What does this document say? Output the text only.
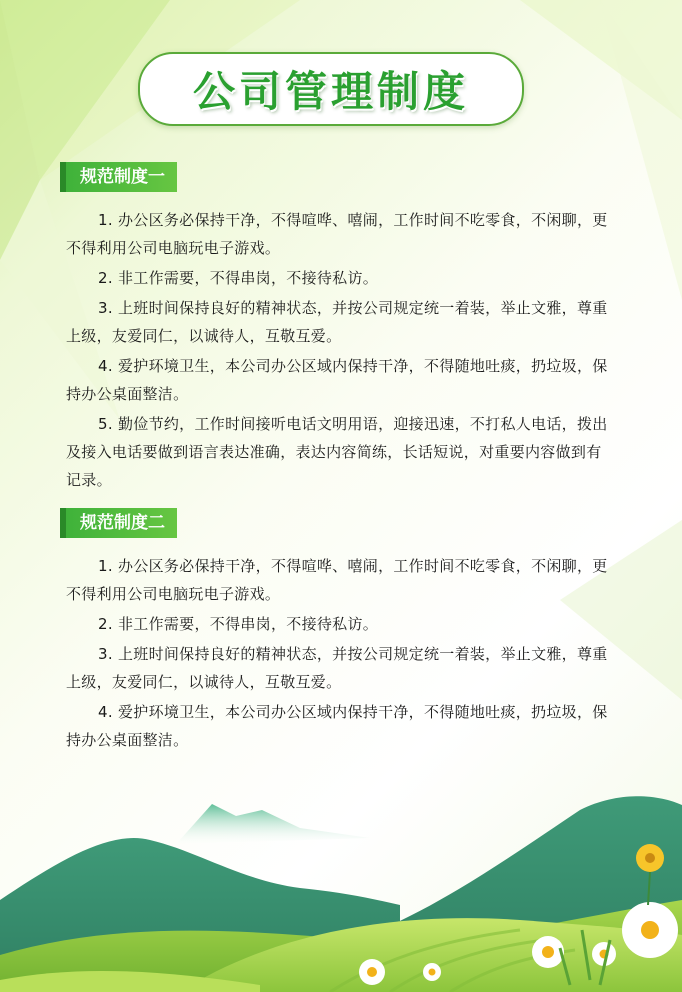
公司管理制度
规范制度一

1. 办公区务必保持干净，不得喧哗、嘻闹，工作时间不吃零食，不闲聊，更不得利用公司电脑玩电子游戏。

2. 非工作需要，不得串岗，不接待私访。

3. 上班时间保持良好的精神状态，并按公司规定统一着装，举止文雅，尊重上级，友爱同仁，以诚待人，互敬互爱。

4. 爱护环境卫生，本公司办公区域内保持干净，不得随地吐痰，扔垃圾，保持办公桌面整洁。

5. 勤俭节约，工作时间接听电话文明用语，迎接迅速，不打私人电话，拨出及接入电话要做到语言表达准确，表达内容简练，长话短说，对重要内容做到有记录。

规范制度二

1. 办公区务必保持干净，不得喧哗、嘻闹，工作时间不吃零食，不闲聊，更不得利用公司电脑玩电子游戏。

2. 非工作需要，不得串岗，不接待私访。

3. 上班时间保持良好的精神状态，并按公司规定统一着装，举止文雅，尊重上级，友爱同仁，以诚待人，互敬互爱。

4. 爱护环境卫生，本公司办公区域内保持干净，不得随地吐痰，扔垃圾，保持办公桌面整洁。
